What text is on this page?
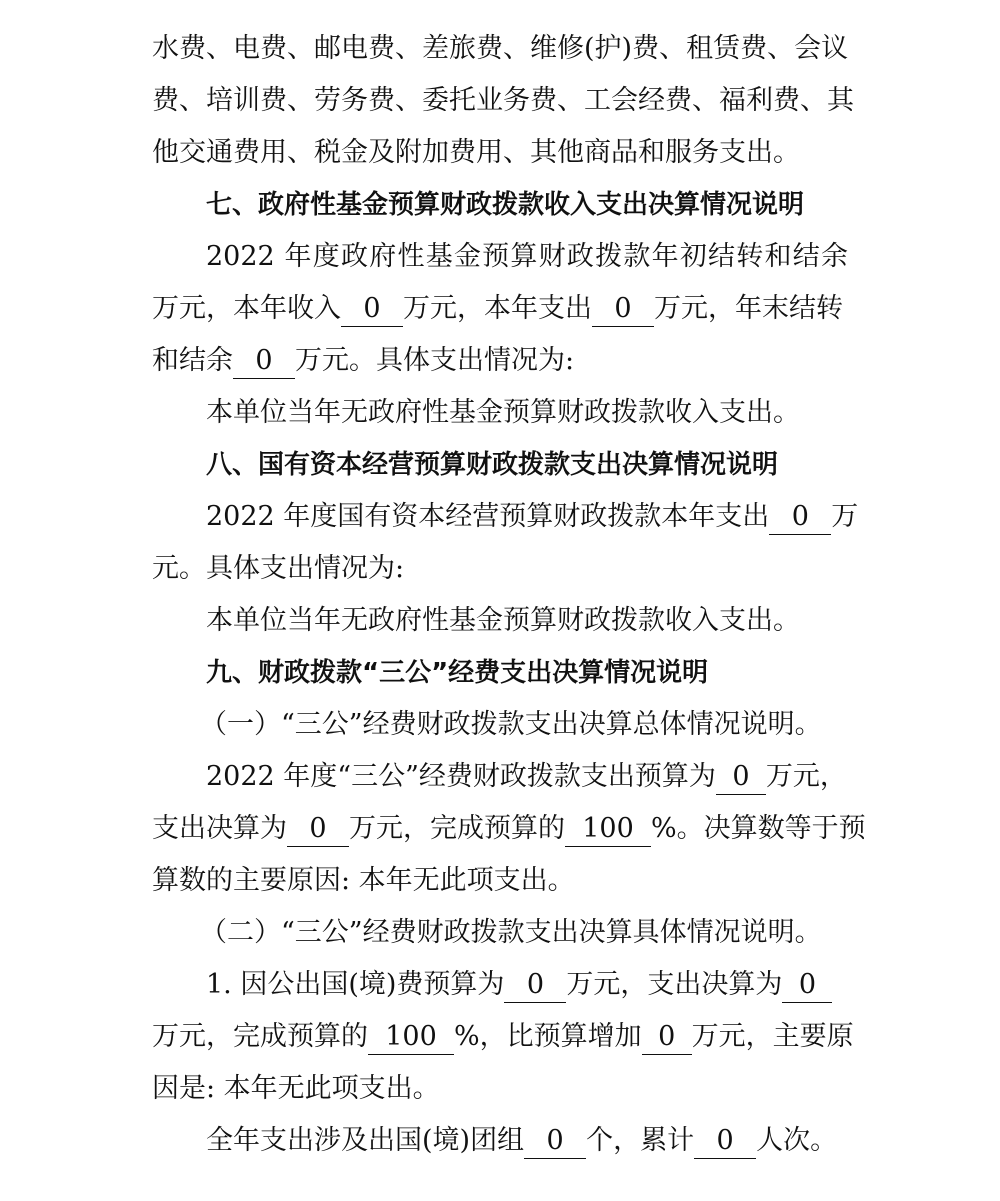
水费、电费、邮电费、差旅费、维修(护)费、租赁费、会议
费、培训费、劳务费、委托业务费、工会经费、福利费、其
他交通费用、税金及附加费用、其他商品和服务支出。
七、政府性基金预算财政拨款收入支出决算情况说明
2022 年度政府性基金预算财政拨款年初结转和结余
万元，本年收入 0 万元，本年支出 0 万元，年末结转
和结余 0 万元。具体支出情况为:
本单位当年无政府性基金预算财政拨款收入支出。
八、国有资本经营预算财政拨款支出决算情况说明
2022 年度国有资本经营预算财政拨款本年支出 0 万
元。具体支出情况为:
本单位当年无政府性基金预算财政拨款收入支出。
九、财政拨款“三公”经费支出决算情况说明
（一）“三公”经费财政拨款支出决算总体情况说明。
2022 年度“三公”经费财政拨款支出预算为 0 万元，
支出决算为 0 万元，完成预算的 100 %。决算数等于预
算数的主要原因: 本年无此项支出。
（二）“三公”经费财政拨款支出决算具体情况说明。
1. 因公出国(境)费预算为 0 万元，支出决算为 0
万元，完成预算的 100 %，比预算增加 0 万元，主要原
因是: 本年无此项支出。
全年支出涉及出国(境)团组 0 个，累计 0 人次。
